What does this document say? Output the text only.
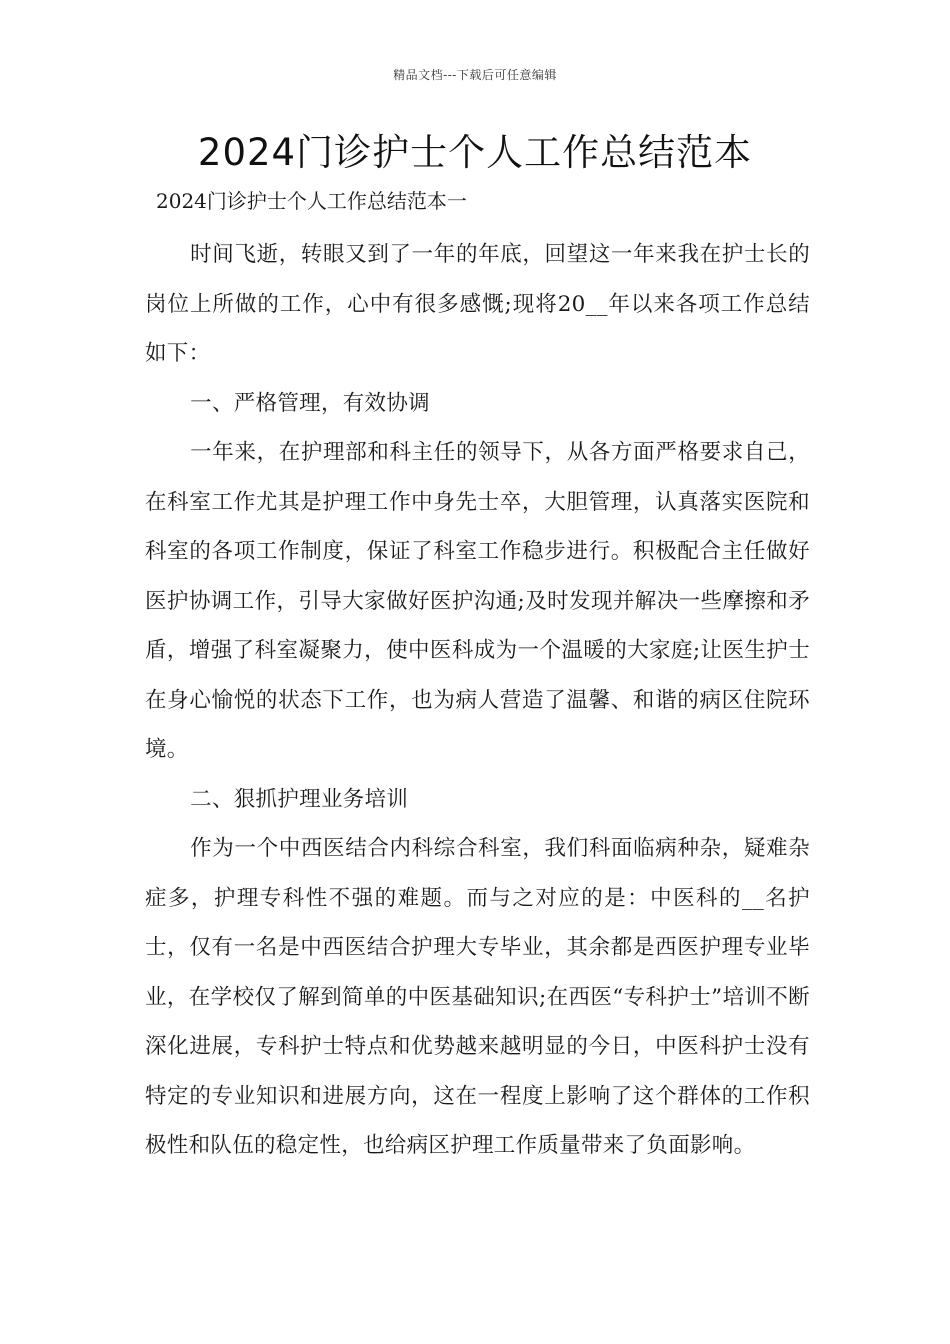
精品文档---下载后可任意编辑
2024门诊护士个人工作总结范本

2024门诊护士个人工作总结范本一

时间飞逝，转眼又到了一年的年底，回望这一年来我在护士长的岗位上所做的工作，心中有很多感慨;现将20__年以来各项工作总结如下：

一、严格管理，有效协调

一年来，在护理部和科主任的领导下，从各方面严格要求自己，在科室工作尤其是护理工作中身先士卒，大胆管理，认真落实医院和科室的各项工作制度，保证了科室工作稳步进行。积极配合主任做好医护协调工作，引导大家做好医护沟通;及时发现并解决一些摩擦和矛盾，增强了科室凝聚力，使中医科成为一个温暖的大家庭;让医生护士在身心愉悦的状态下工作，也为病人营造了温馨、和谐的病区住院环境。

二、狠抓护理业务培训

作为一个中西医结合内科综合科室，我们科面临病种杂，疑难杂症多，护理专科性不强的难题。而与之对应的是：中医科的__名护士，仅有一名是中西医结合护理大专毕业，其余都是西医护理专业毕业，在学校仅了解到简单的中医基础知识;在西医“专科护士”培训不断深化进展，专科护士特点和优势越来越明显的今日，中医科护士没有特定的专业知识和进展方向，这在一程度上影响了这个群体的工作积极性和队伍的稳定性，也给病区护理工作质量带来了负面影响。
